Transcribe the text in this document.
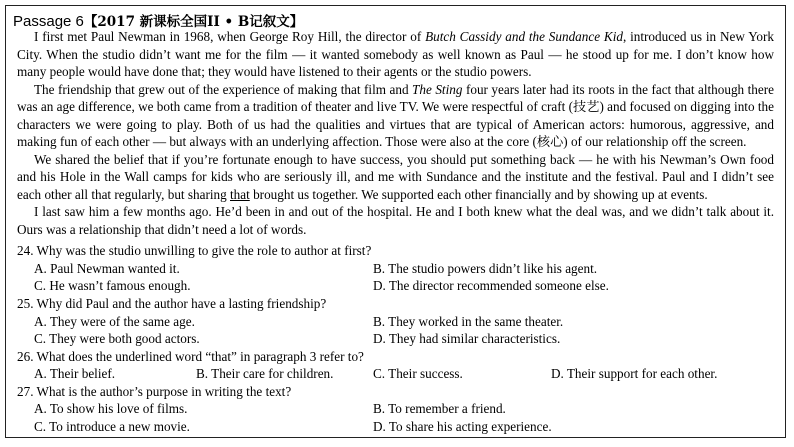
Passage 6【2017 新课标全国II • B记叙文】

I first met Paul Newman in 1968, when George Roy Hill, the director of Butch Cassidy and the Sundance Kid, introduced us in New York City. When the studio didn’t want me for the film — it wanted somebody as well known as Paul — he stood up for me. I don’t know how many people would have done that; they would have listened to their agents or the studio powers.

The friendship that grew out of the experience of making that film and The Sting four years later had its roots in the fact that although there was an age difference, we both came from a tradition of theater and live TV. We were respectful of craft (技艺) and focused on digging into the characters we were going to play. Both of us had the qualities and virtues that are typical of American actors: humorous, aggressive, and making fun of each other — but always with an underlying affection. Those were also at the core (核心) of our relationship off the screen.

We shared the belief that if you’re fortunate enough to have success, you should put something back — he with his Newman’s Own food and his Hole in the Wall camps for kids who are seriously ill, and me with Sundance and the institute and the festival. Paul and I didn’t see each other all that regularly, but sharing that brought us together. We supported each other financially and by showing up at events.

I last saw him a few months ago. He’d been in and out of the hospital. He and I both knew what the deal was, and we didn’t talk about it. Ours was a relationship that didn’t need a lot of words.

24. Why was the studio unwilling to give the role to author at first?
A. Paul Newman wanted it.	B. The studio powers didn’t like his agent.
C. He wasn’t famous enough.	D. The director recommended someone else.
25. Why did Paul and the author have a lasting friendship?
A. They were of the same age.	B. They worked in the same theater.
C. They were both good actors.	D. They had similar characteristics.
26. What does the underlined word “that” in paragraph 3 refer to?
A. Their belief.	B. Their care for children.	C. Their success.	D. Their support for each other.
27. What is the author’s purpose in writing the text?
A. To show his love of films.	B. To remember a friend.
C. To introduce a new movie.	D. To share his acting experience.
